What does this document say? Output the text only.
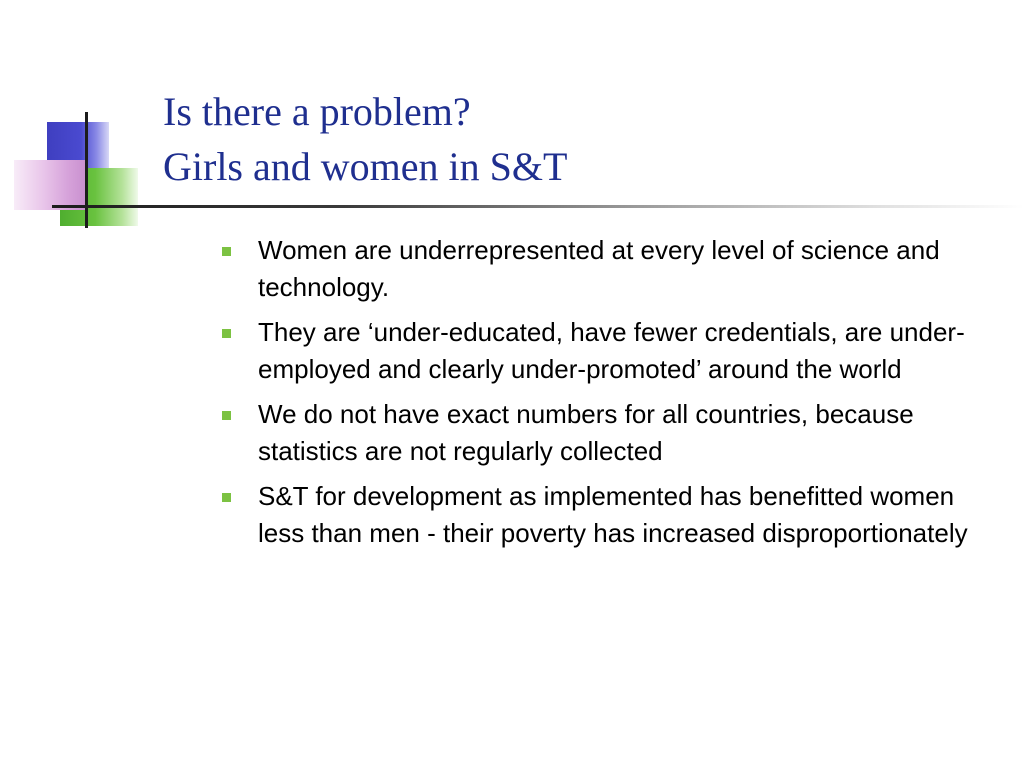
Is there a problem?
Girls and women in S&T
Women are underrepresented at every level of science and technology.
They are ‘under-educated, have fewer credentials, are under-employed and clearly under-promoted’ around the world
We do not have exact numbers for all countries, because statistics are not regularly collected
S&T for development as implemented has benefitted women less than men - their poverty has increased disproportionately
